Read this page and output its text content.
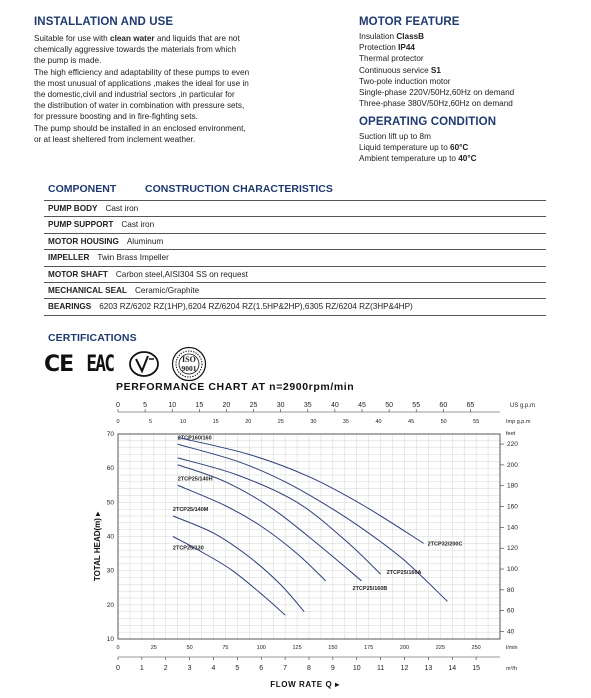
INSTALLATION AND USE
Suitable for use with clean water and liquids that are not
chemically aggressive towards the materials from which
the pump is made.
The high efficiency and adaptability of these pumps to even
the most unusual of applications ,makes the ideal for use in
the domestic,civil and industrial sectors ,in particular for
the distribution of water in combination with pressure sets,
for pressure boosting and in fire-fighting sets.
The pump should be installed in an enclosed environment,
or at least sheltered from inclement weather.
MOTOR FEATURE
Insulation ClassB
Protection IP44
Thermal protector
Continuous service S1
Two-pole induction motor
Single-phase 220V/50Hz,60Hz on demand
Three-phase 380V/50Hz,60Hz on demand
OPERATING CONDITION
Suction lift up to 8m
Liquid temperature up to 60°C
Ambient temperature up to 40°C
COMPONENT	CONSTRUCTION CHARACTERISTICS
PUMP BODY Cast iron
PUMP SUPPORT Cast iron
MOTOR HOUSING Aluminum
IMPELLER Twin Brass Impeller
MOTOR SHAFT Carbon steel,AISI304 SS on request
MECHANICAL SEAL Ceramic/Graphite
BEARINGS 6203 RZ/6202 RZ(1HP),6204 RZ/6204 RZ(1.5HP&2HP),6305 RZ/6204 RZ(3HP&4HP)
CERTIFICATIONS
CE EAC	ISO
9001
PERFORMANCE CHART AT n=2900rpm/min
0	5	10	15	20	25	30	35	40	45	50	55	60	65	US g.p.m
0	5	10	15	20	25	30	35	40	45	50	55	Imp g.p.m
10
20
30
40
50
60
70
TOTAL HEAD(m) ▸
feet
40
60
80
100
120
140
160
180
200
220
0	25	50	75	100	125	150	175	200	225	250	l/min
0	1	2	3	4	5	6	7	8	9	10 11 12 13 14 15	m³/h
FLOW RATE Q ▸
2TCP160/160
2TCP25/140H
2TCP25/140M
2TCP25/130
2TCP32/200C
2TCP25/160A
2TCP25/160B
